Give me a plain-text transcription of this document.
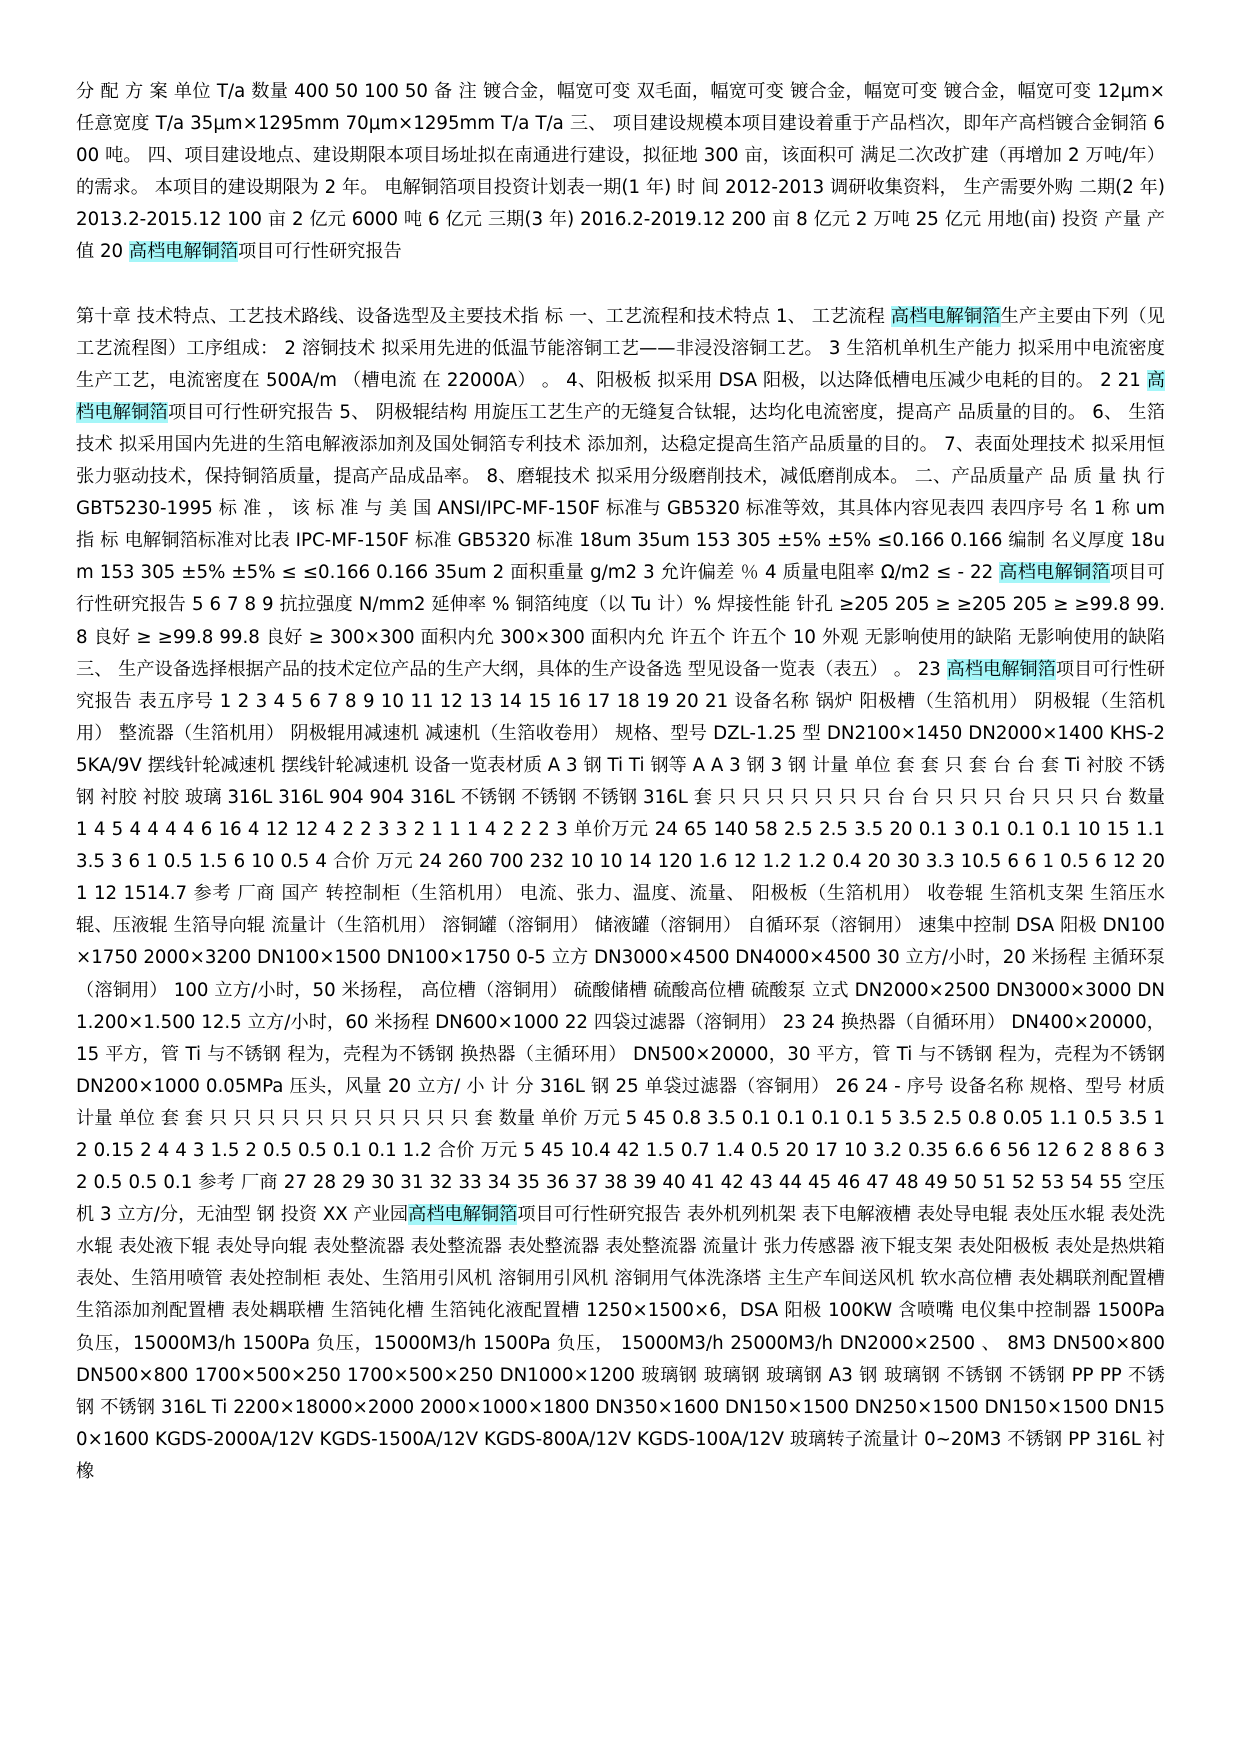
分 配 方 案 单位 T/a 数量 400 50 100 50 备 注 镀合金，幅宽可变 双毛面，幅宽可变 镀合金，幅宽可变 镀合金，幅宽可变 12μm×任意宽度 T/a 35μm×1295mm 70μm×1295mm T/a T/a 三、 项目建设规模本项目建设着重于产品档次，即年产高档镀合金铜箔 600 吨。 四、项目建设地点、建设期限本项目场址拟在南通进行建设，拟征地 300 亩，该面积可 满足二次改扩建（再增加 2 万吨/年）的需求。 本项目的建设期限为 2 年。 电解铜箔项目投资计划表一期(1 年) 时 间 2012-2013 调研收集资料， 生产需要外购 二期(2 年) 2013.2-2015.12 100 亩 2 亿元 6000 吨 6 亿元 三期(3 年) 2016.2-2019.12 200 亩 8 亿元 2 万吨 25 亿元 用地(亩) 投资 产量 产值 20 高档电解铜箔项目可行性研究报告

第十章 技术特点、工艺技术路线、设备选型及主要技术指 标 一、工艺流程和技术特点 1、 工艺流程 高档电解铜箔生产主要由下列（见工艺流程图）工序组成： 2 溶铜技术 拟采用先进的低温节能溶铜工艺——非浸没溶铜工艺。 3 生箔机单机生产能力 拟采用中电流密度生产工艺，电流密度在 500A/m （槽电流 在 22000A） 。 4、阳极板 拟采用 DSA 阳极，以达降低槽电压减少电耗的目的。 2 21 高档电解铜箔项目可行性研究报告 5、 阴极辊结构 用旋压工艺生产的无缝复合钛辊，达均化电流密度，提高产 品质量的目的。 6、 生箔技术 拟采用国内先进的生箔电解液添加剂及国处铜箔专利技术 添加剂，达稳定提高生箔产品质量的目的。 7、表面处理技术 拟采用恒张力驱动技术，保持铜箔质量，提高产品成品率。 8、磨辊技术 拟采用分级磨削技术，减低磨削成本。 二、产品质量产 品 质 量 执 行 GBT5230-1995 标 准 ， 该 标 准 与 美 国 ANSI/IPC-MF-150F 标准与 GB5320 标准等效，其具体内容见表四 表四序号 名 1 称 um 指 标 电解铜箔标准对比表 IPC-MF-150F 标准 GB5320 标准 18um 35um 153 305 ±5% ±5% ≤0.166 0.166 编制 名义厚度 18um 153 305 ±5% ±5% ≤ ≤0.166 0.166 35um 2 面积重量 g/m2 3 允许偏差 ％ 4 质量电阻率 Ω/m2 ≤ - 22 高档电解铜箔项目可行性研究报告 5 6 7 8 9 抗拉强度 N/mm2 延伸率 % 铜箔纯度（以 Tu 计）% 焊接性能 针孔 ≥205 205 ≥ ≥205 205 ≥ ≥99.8 99.8 良好 ≥ ≥99.8 99.8 良好 ≥ 300×300 面积内允 300×300 面积内允 许五个 许五个 10 外观 无影响使用的缺陷 无影响使用的缺陷 三、 生产设备选择根据产品的技术定位产品的生产大纲，具体的生产设备选 型见设备一览表（表五） 。 23 高档电解铜箔项目可行性研究报告 表五序号 1 2 3 4 5 6 7 8 9 10 11 12 13 14 15 16 17 18 19 20 21 设备名称 锅炉 阳极槽（生箔机用） 阴极辊（生箔机用） 整流器（生箔机用） 阴极辊用减速机 减速机（生箔收卷用） 规格、型号 DZL-1.25 型 DN2100×1450 DN2000×1400 KHS-25KA/9V 摆线针轮减速机 摆线针轮减速机 设备一览表材质 A 3 钢 Ti Ti 钢等 A A 3 钢 3 钢 计量 单位 套 套 只 套 台 台 套 Ti 衬胶 不锈钢 衬胶 衬胶 玻璃 316L 316L 904 904 316L 不锈钢 不锈钢 不锈钢 316L 套 只 只 只 只 只 只 只 台 台 只 只 只 台 只 只 只 台 数量 1 4 5 4 4 4 4 6 16 4 12 12 4 2 2 3 3 2 1 1 1 4 2 2 2 3 单价万元 24 65 140 58 2.5 2.5 3.5 20 0.1 3 0.1 0.1 0.1 10 15 1.1 3.5 3 6 1 0.5 1.5 6 10 0.5 4 合价 万元 24 260 700 232 10 10 14 120 1.6 12 1.2 1.2 0.4 20 30 3.3 10.5 6 6 1 0.5 6 12 20 1 12 1514.7 参考 厂商 国产 转控制柜（生箔机用） 电流、张力、温度、流量、 阳极板（生箔机用） 收卷辊 生箔机支架 生箔压水辊、压液辊 生箔导向辊 流量计（生箔机用） 溶铜罐（溶铜用） 储液罐（溶铜用） 自循环泵（溶铜用） 速集中控制 DSA 阳极 DN100×1750 2000×3200 DN100×1500 DN100×1750 0-5 立方 DN3000×4500 DN4000×4500 30 立方/小时，20 米扬程 主循环泵（溶铜用） 100 立方/小时，50 米扬程， 高位槽（溶铜用） 硫酸储槽 硫酸高位槽 硫酸泵 立式 DN2000×2500 DN3000×3000 DN1.200×1.500 12.5 立方/小时，60 米扬程 DN600×1000 22 四袋过滤器（溶铜用） 23 24 换热器（自循环用） DN400×20000，15 平方，管 Ti 与不锈钢 程为，壳程为不锈钢 换热器（主循环用） DN500×20000，30 平方，管 Ti 与不锈钢 程为，壳程为不锈钢 DN200×1000 0.05MPa 压头，风量 20 立方/ 小 计 分 316L 钢 25 单袋过滤器（容铜用） 26 24 - 序号 设备名称 规格、型号 材质 计量 单位 套 套 只 只 只 只 只 只 只 只 只 只 只 套 数量 单价 万元 5 45 0.8 3.5 0.1 0.1 0.1 0.1 5 3.5 2.5 0.8 0.05 1.1 0.5 3.5 12 0.15 2 4 4 3 1.5 2 0.5 0.5 0.1 0.1 1.2 合价 万元 5 45 10.4 42 1.5 0.7 1.4 0.5 20 17 10 3.2 0.35 6.6 6 56 12 6 2 8 8 6 3 2 0.5 0.5 0.1 参考 厂商 27 28 29 30 31 32 33 34 35 36 37 38 39 40 41 42 43 44 45 46 47 48 49 50 51 52 53 54 55 空压机 3 立方/分，无油型 钢 投资 XX 产业园高档电解铜箔项目可行性研究报告 表外机列机架 表下电解液槽 表处导电辊 表处压水辊 表处洗水辊 表处液下辊 表处导向辊 表处整流器 表处整流器 表处整流器 表处整流器 流量计 张力传感器 液下辊支架 表处阳极板 表处是热烘箱 表处、生箔用喷管 表处控制柜 表处、生箔用引风机 溶铜用引风机 溶铜用气体洗涤塔 主生产车间送风机 软水高位槽 表处耦联剂配置槽 生箔添加剂配置槽 表处耦联槽 生箔钝化槽 生箔钝化液配置槽 1250×1500×6，DSA 阳极 100KW 含喷嘴 电仪集中控制器 1500Pa 负压，15000M3/h 1500Pa 负压，15000M3/h 1500Pa 负压， 15000M3/h 25000M3/h DN2000×2500 、 8M3 DN500×800 DN500×800 1700×500×250 1700×500×250 DN1000×1200 玻璃钢 玻璃钢 玻璃钢 A3 钢 玻璃钢 不锈钢 不锈钢 PP PP 不锈钢 不锈钢 316L Ti 2200×18000×2000 2000×1000×1800 DN350×1600 DN150×1500 DN250×1500 DN150×1500 DN150×1600 KGDS-2000A/12V KGDS-1500A/12V KGDS-800A/12V KGDS-100A/12V 玻璃转子流量计 0~20M3 不锈钢 PP 316L 衬橡
